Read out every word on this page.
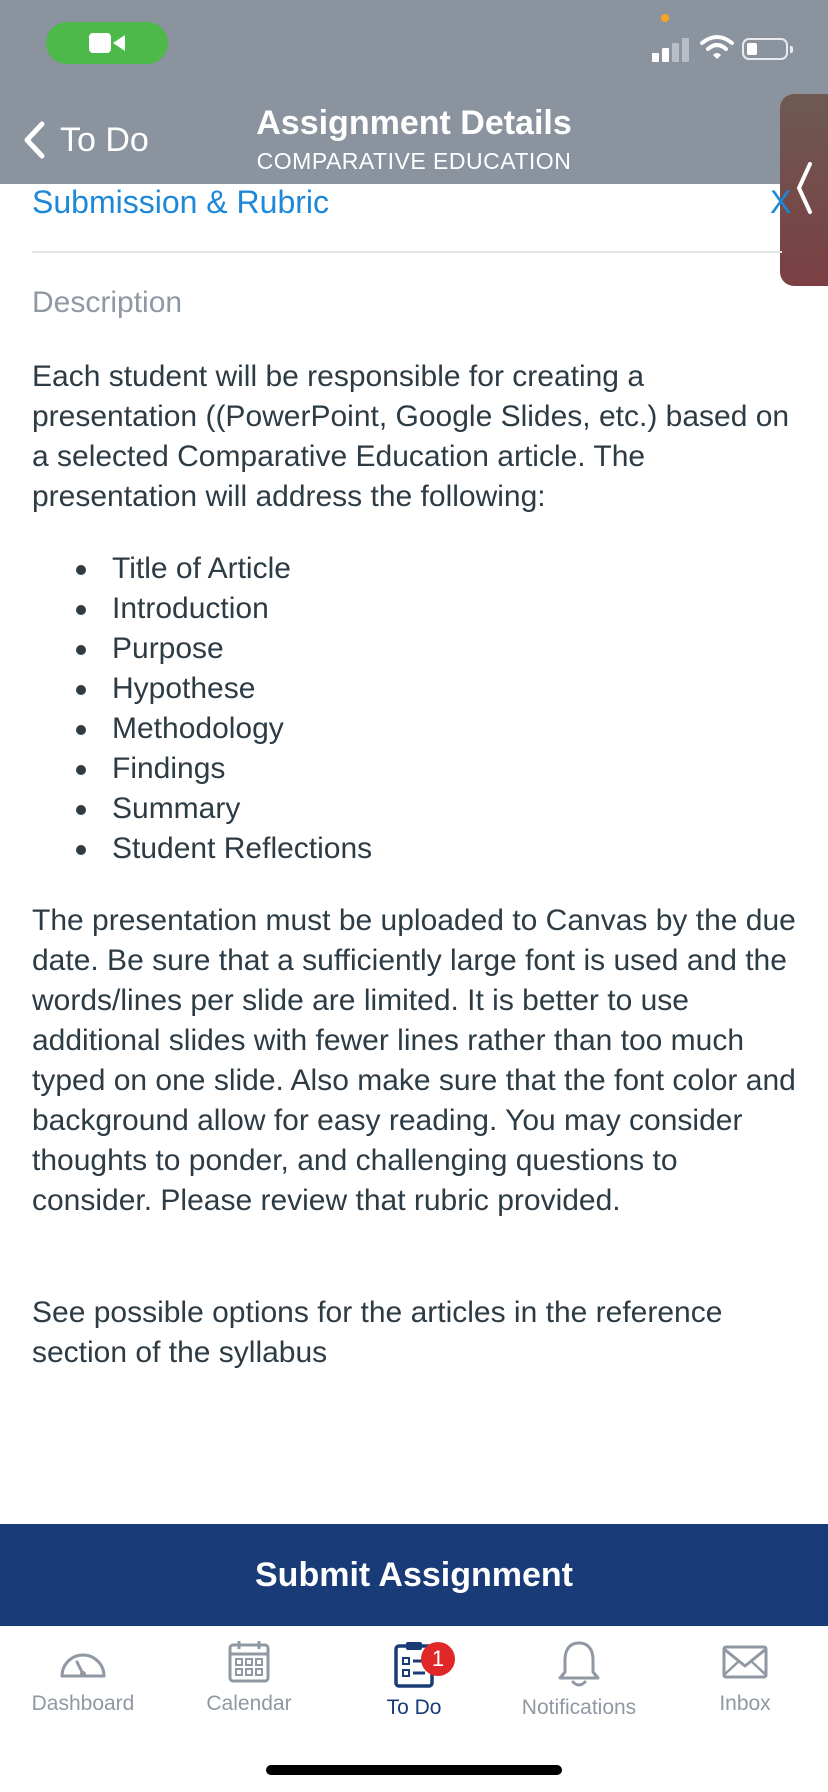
To Do	Assignment Details
COMPARATIVE EDUCATION
Submission & Rubric	X
Description
Each student will be responsible for creating a presentation ((PowerPoint, Google Slides, etc.) based on a selected Comparative Education article. The presentation will address the following:
Title of Article
Introduction
Purpose
Hypothese
Methodology
Findings
Summary
Student Reflections
The presentation must be uploaded to Canvas by the due date. Be sure that a sufficiently large font is used and the words/lines per slide are limited. It is better to use additional slides with fewer lines rather than too much typed on one slide. Also make sure that the font color and background allow for easy reading. You may consider thoughts to ponder, and challenging questions to consider. Please review that rubric provided.
See possible options for the articles in the reference section of the syllabus
Submit Assignment
Dashboard	Calendar
1
To Do	Notifications	Inbox
